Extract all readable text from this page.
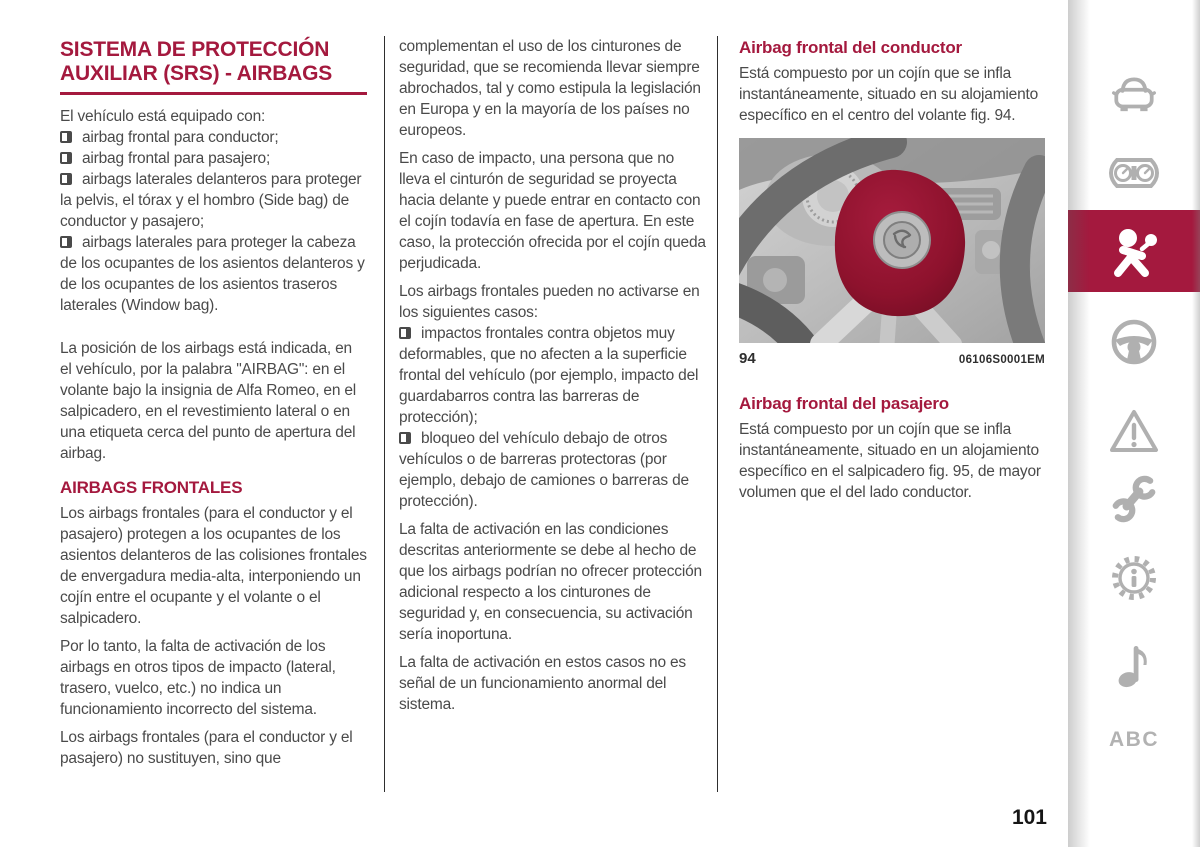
SISTEMA DE PROTECCIÓN
AUXILIAR (SRS) - AIRBAGS

El vehículo está equipado con:

airbag frontal para conductor;

airbag frontal para pasajero;

airbags laterales delanteros para proteger la pelvis, el tórax y el hombro (Side bag) de conductor y pasajero;

airbags laterales para proteger la cabeza de los ocupantes de los asientos delanteros y de los ocupantes de los asientos traseros laterales (Window bag).

La posición de los airbags está indicada, en el vehículo, por la palabra "AIRBAG": en el volante bajo la insignia de Alfa Romeo, en el salpicadero, en el revestimiento lateral o en una etiqueta cerca del punto de apertura del airbag.

AIRBAGS FRONTALES

Los airbags frontales (para el conductor y el pasajero) protegen a los ocupantes de los asientos delanteros de las colisiones frontales de envergadura media-alta, interponiendo un cojín entre el ocupante y el volante o el salpicadero.

Por lo tanto, la falta de activación de los airbags en otros tipos de impacto (lateral, trasero, vuelco, etc.) no indica un funcionamiento incorrecto del sistema.

Los airbags frontales (para el conductor y el pasajero) no sustituyen, sino que

complementan el uso de los cinturones de seguridad, que se recomienda llevar siempre abrochados, tal y como estipula la legislación en Europa y en la mayoría de los países no europeos.

En caso de impacto, una persona que no lleva el cinturón de seguridad se proyecta hacia delante y puede entrar en contacto con el cojín todavía en fase de apertura. En este caso, la protección ofrecida por el cojín queda perjudicada.

Los airbags frontales pueden no activarse en los siguientes casos:

impactos frontales contra objetos muy deformables, que no afecten a la superficie frontal del vehículo (por ejemplo, impacto del guardabarros contra las barreras de protección);

bloqueo del vehículo debajo de otros vehículos o de barreras protectoras (por ejemplo, debajo de camiones o barreras de protección).

La falta de activación en las condiciones descritas anteriormente se debe al hecho de que los airbags podrían no ofrecer protección adicional respecto a los cinturones de seguridad y, en consecuencia, su activación sería inoportuna.

La falta de activación en estos casos no es señal de un funcionamiento anormal del sistema.

Airbag frontal del conductor

Está compuesto por un cojín que se infla instantáneamente, situado en su alojamiento específico en el centro del volante fig. 94.

94	06106S0001EM
Airbag frontal del pasajero

Está compuesto por un cojín que se infla instantáneamente, situado en un alojamiento específico en el salpicadero fig. 95, de mayor volumen que el del lado conductor.

101
ABC
